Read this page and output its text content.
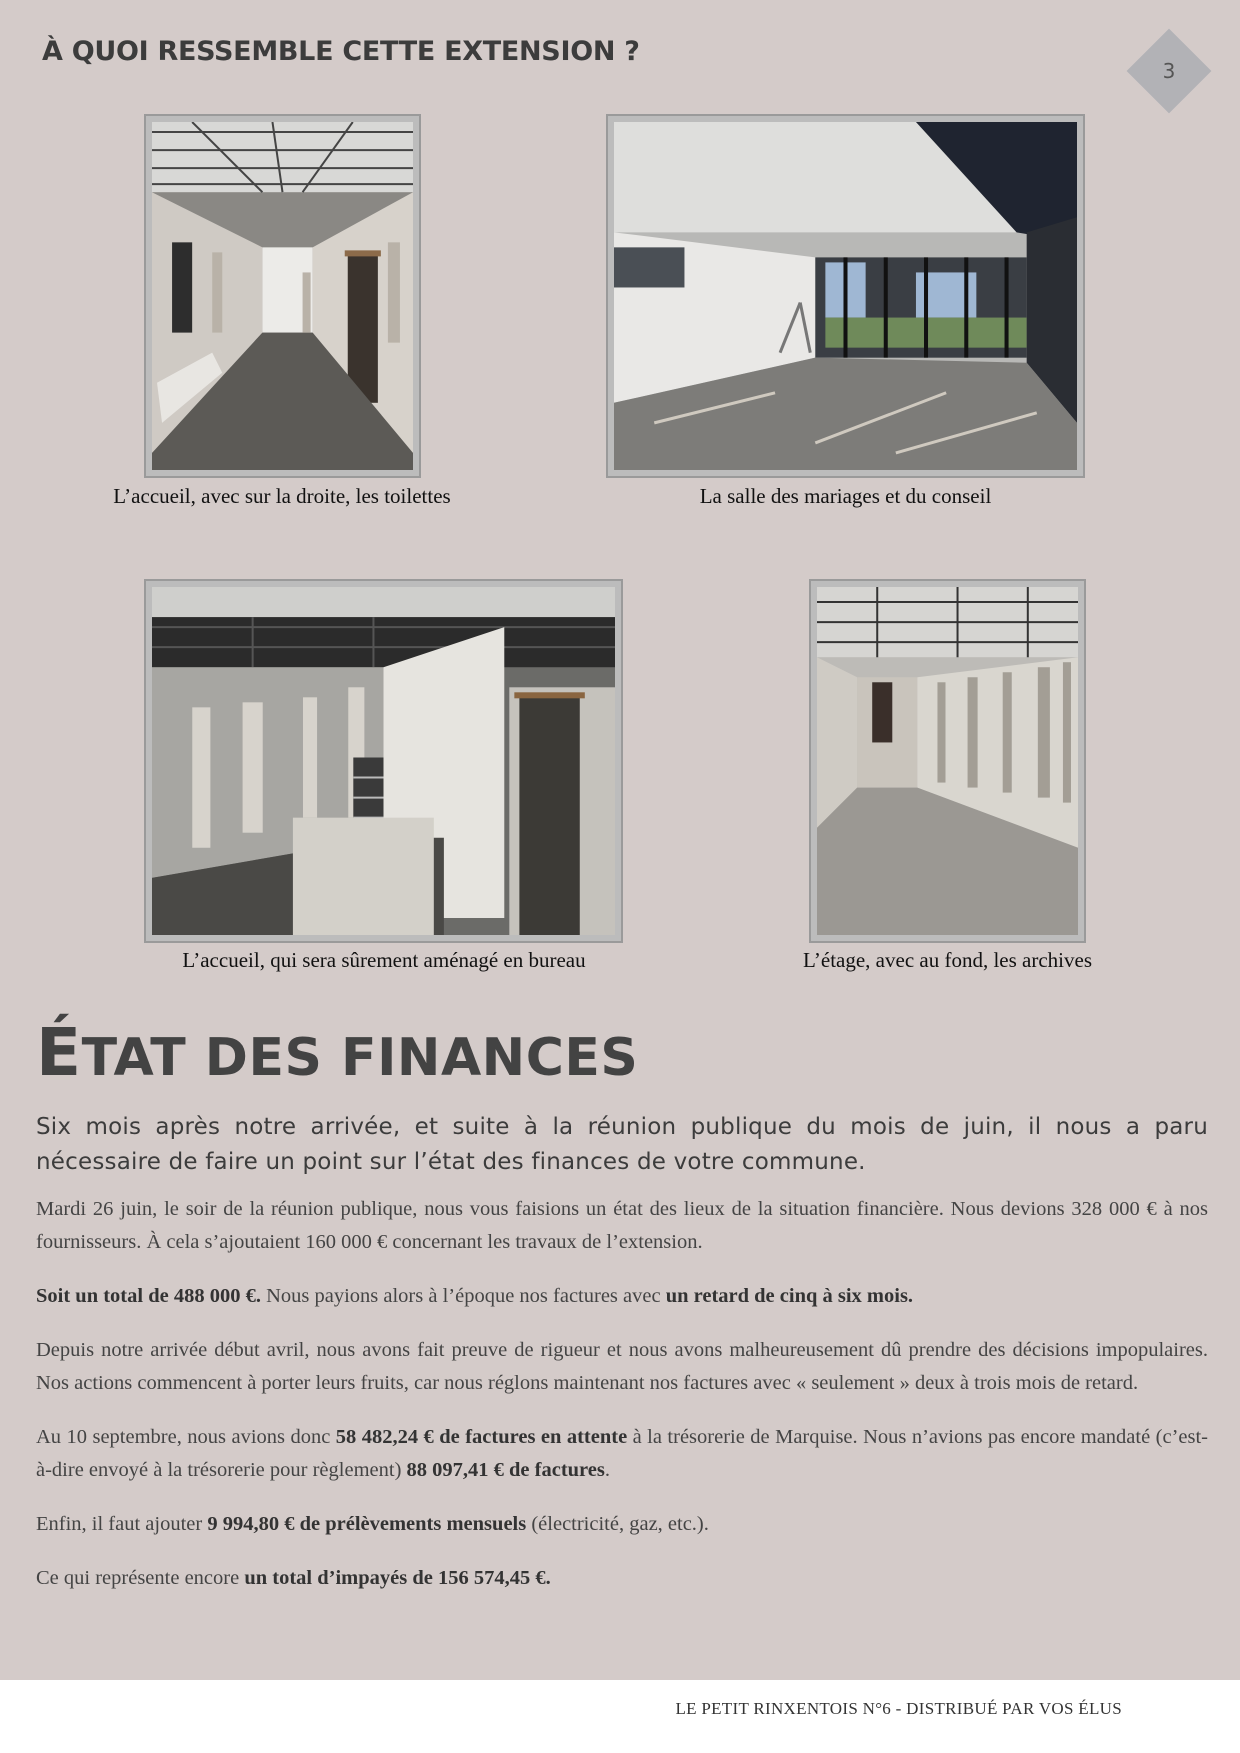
À QUOI RESSEMBLE CETTE EXTENSION ?
3
L’accueil, avec sur la droite, les toilettes	La salle des mariages et du conseil
L’accueil, qui sera sûrement aménagé en bureau	L’étage, avec au fond, les archives
ÉTAT DES FINANCES

Six mois après notre arrivée, et suite à la réunion publique du mois de juin, il nous a paru nécessaire de faire un point sur l’état des finances de votre commune.

Mardi 26 juin, le soir de la réunion publique, nous vous faisions un état des lieux de la situation financière. Nous devions 328 000 € à nos fournisseurs. À cela s’ajoutaient 160 000 € concernant les travaux de l’extension.

Soit un total de 488 000 €. Nous payions alors à l’époque nos factures avec un retard de cinq à six mois.

Depuis notre arrivée début avril, nous avons fait preuve de rigueur et nous avons malheureusement dû prendre des décisions impopulaires. Nos actions commencent à porter leurs fruits, car nous réglons maintenant nos factures avec « seulement » deux à trois mois de retard.

Au 10 septembre, nous avions donc 58 482,24 € de factures en attente à la trésorerie de Marquise. Nous n’avions pas encore mandaté (c’est-à-dire envoyé à la trésorerie pour règlement) 88 097,41 € de factures.

Enfin, il faut ajouter 9 994,80 € de prélèvements mensuels (électricité, gaz, etc.).

Ce qui représente encore un total d’impayés de 156 574,45 €.

LE PETIT RINXENTOIS N°6 - DISTRIBUÉ PAR VOS ÉLUS
